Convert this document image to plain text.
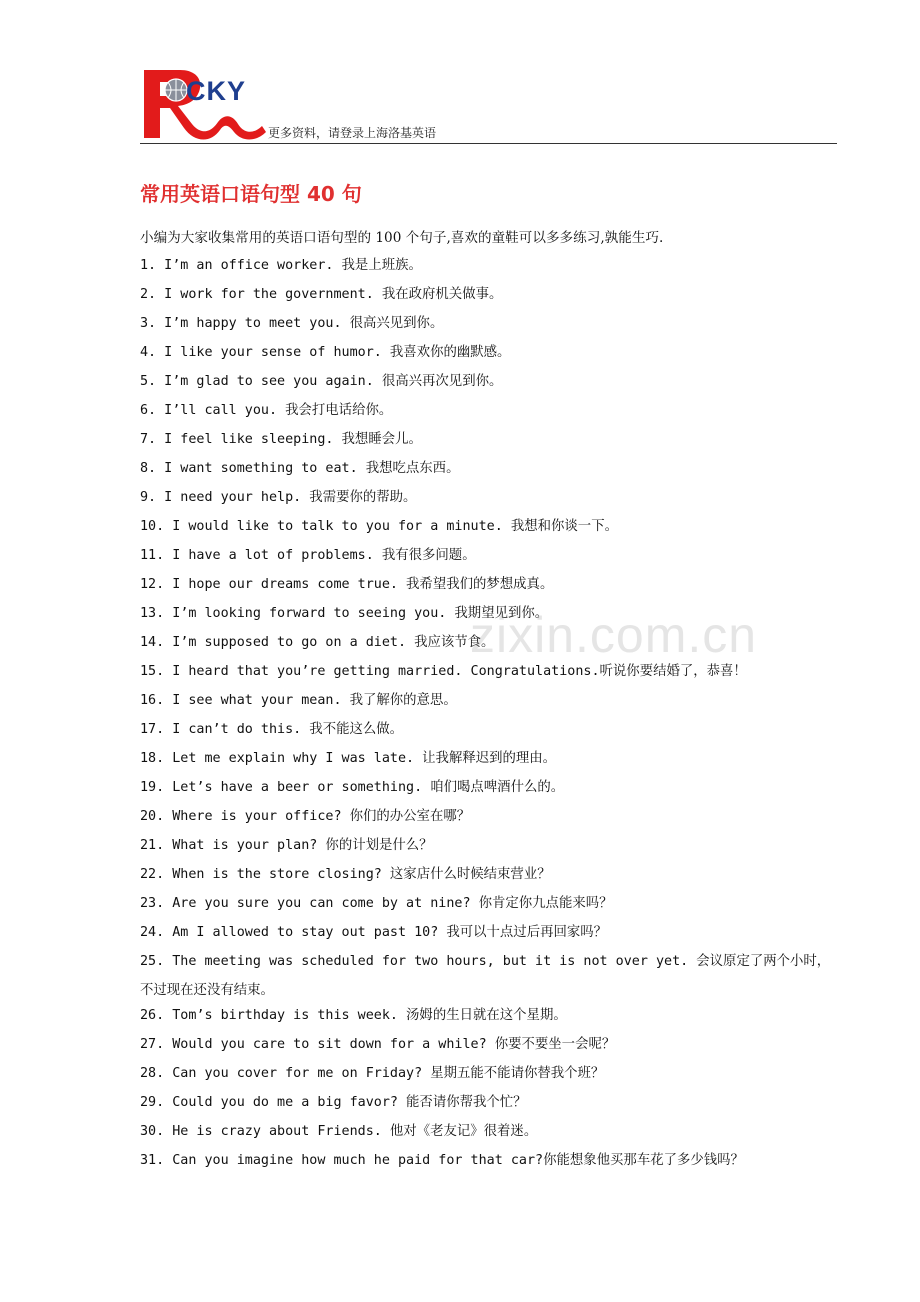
CKY
更多资料，请登录上海洛基英语
常用英语口语句型 40 句
小编为大家收集常用的英语口语句型的 100 个句子,喜欢的童鞋可以多多练习,孰能生巧.
1. I’m an office worker. 我是上班族。
2. I work for the government. 我在政府机关做事。
3. I’m happy to meet you. 很高兴见到你。
4. I like your sense of humor. 我喜欢你的幽默感。
5. I’m glad to see you again. 很高兴再次见到你。
6. I’ll call you. 我会打电话给你。
7. I feel like sleeping. 我想睡会儿。
8. I want something to eat. 我想吃点东西。
9. I need your help. 我需要你的帮助。
10. I would like to talk to you for a minute. 我想和你谈一下。
11. I have a lot of problems. 我有很多问题。
12. I hope our dreams come true. 我希望我们的梦想成真。
13. I’m looking forward to seeing you. 我期望见到你。
14. I’m supposed to go on a diet. 我应该节食。
15. I heard that you’re getting married. Congratulations.听说你要结婚了，恭喜！
16. I see what your mean. 我了解你的意思。
17. I can’t do this. 我不能这么做。
18. Let me explain why I was late. 让我解释迟到的理由。
19. Let’s have a beer or something. 咱们喝点啤酒什么的。
20. Where is your office? 你们的办公室在哪？
21. What is your plan? 你的计划是什么？
22. When is the store closing? 这家店什么时候结束营业？
23. Are you sure you can come by at nine? 你肯定你九点能来吗？
24. Am I allowed to stay out past 10? 我可以十点过后再回家吗？
25. The meeting was scheduled for two hours, but it is not over yet. 会议原定了两个小时，不过现在还没有结束。
26. Tom’s birthday is this week. 汤姆的生日就在这个星期。
27. Would you care to sit down for a while? 你要不要坐一会呢？
28. Can you cover for me on Friday? 星期五能不能请你替我个班？
29. Could you do me a big favor? 能否请你帮我个忙？
30. He is crazy about Friends. 他对《老友记》很着迷。
31. Can you imagine how much he paid for that car?你能想象他买那车花了多少钱吗？
zixin.com.cn
